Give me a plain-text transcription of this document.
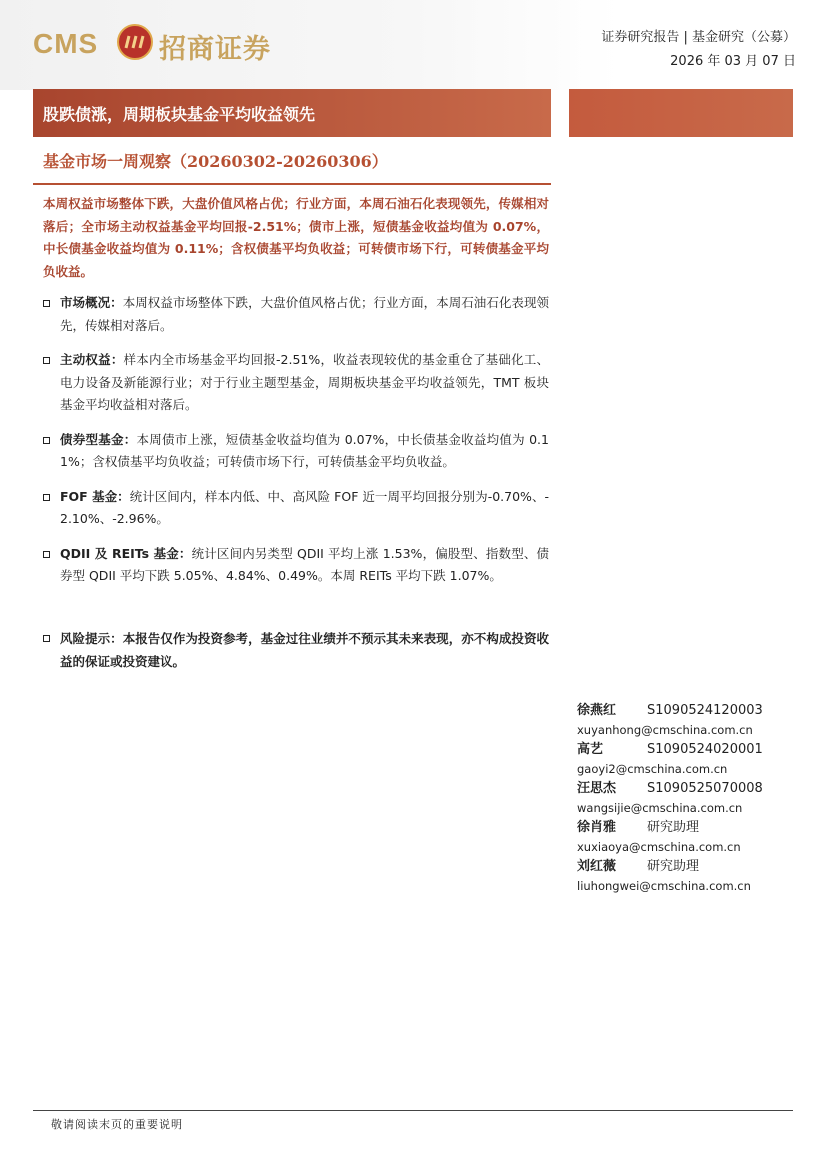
CMS 招商证券	证券研究报告 | 基金研究（公募）
2026 年 03 月 07 日
股跌债涨，周期板块基金平均收益领先
基金市场一周观察（20260302-20260306）
本周权益市场整体下跌，大盘价值风格占优；行业方面，本周石油石化表现领先，传媒相对落后；全市场主动权益基金平均回报-2.51%；债市上涨，短债基金收益均值为 0.07%，中长债基金收益均值为 0.11%；含权债基平均负收益；可转债市场下行，可转债基金平均负收益。
市场概况：本周权益市场整体下跌，大盘价值风格占优；行业方面，本周石油石化表现领先，传媒相对落后。
主动权益：样本内全市场基金平均回报-2.51%，收益表现较优的基金重仓了基础化工、电力设备及新能源行业；对于行业主题型基金，周期板块基金平均收益领先，TMT 板块基金平均收益相对落后。
债券型基金：本周债市上涨，短债基金收益均值为 0.07%，中长债基金收益均值为 0.11%；含权债基平均负收益；可转债市场下行，可转债基金平均负收益。
FOF 基金：统计区间内，样本内低、中、高风险 FOF 近一周平均回报分别为-0.70%、-2.10%、-2.96%。
QDII 及 REITs 基金：统计区间内另类型 QDII 平均上涨 1.53%，偏股型、指数型、债券型 QDII 平均下跌 5.05%、4.84%、0.49%。本周 REITs 平均下跌 1.07%。
风险提示：本报告仅作为投资参考，基金过往业绩并不预示其未来表现，亦不构成投资收益的保证或投资建议。
徐燕红 S1090524120003
xuyanhong@cmschina.com.cn
高艺	S1090524020001
gaoyi2@cmschina.com.cn
汪思杰 S1090525070008
wangsijie@cmschina.com.cn
徐肖雅 研究助理
xuxiaoya@cmschina.com.cn
刘红薇 研究助理
liuhongwei@cmschina.com.cn
敬请阅读末页的重要说明
